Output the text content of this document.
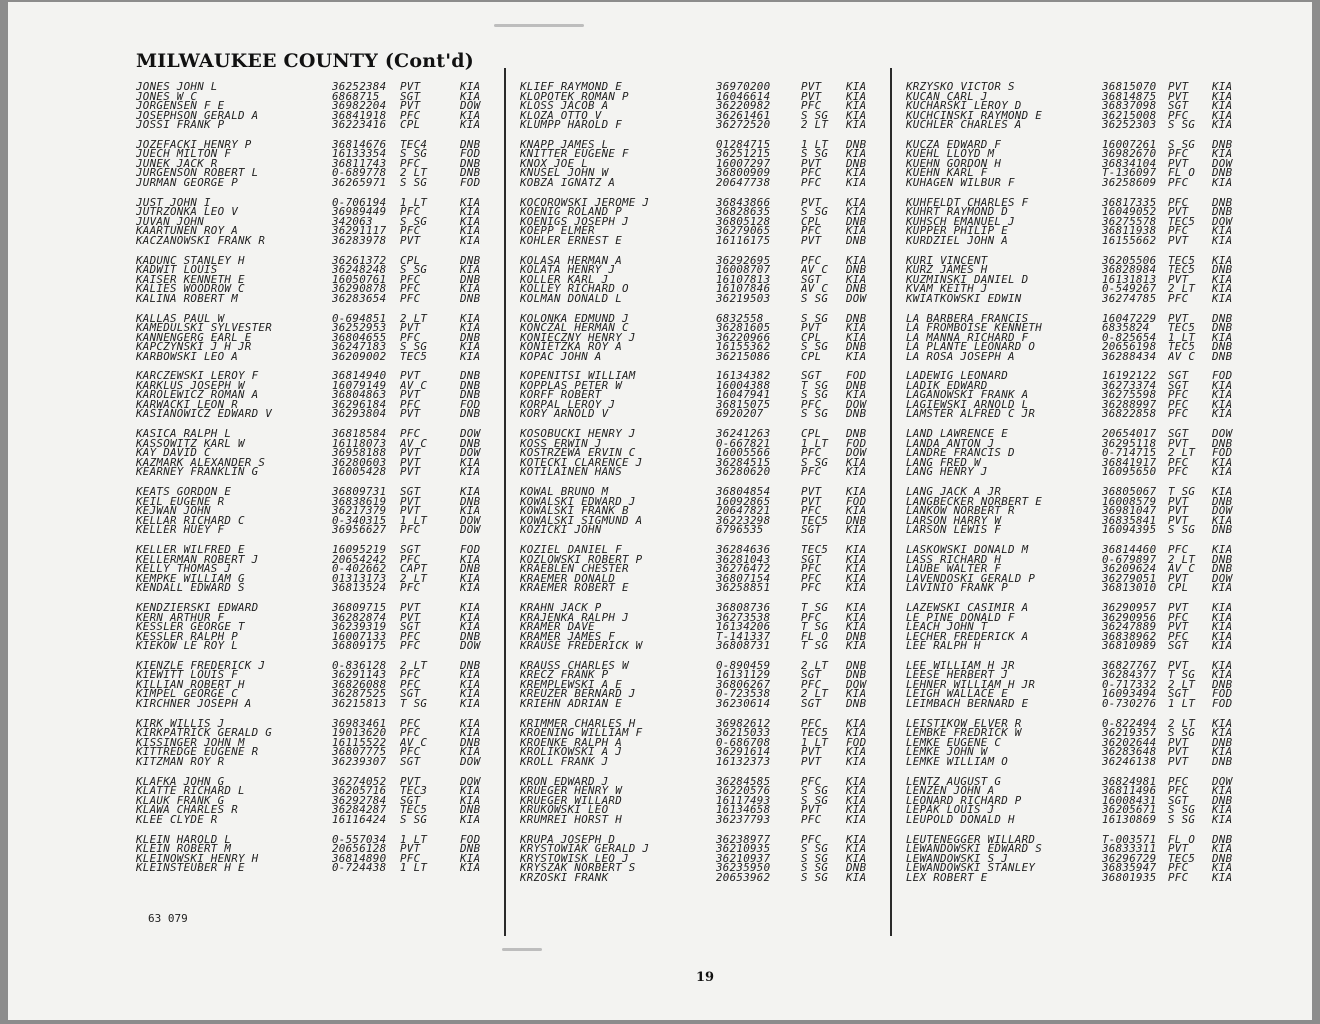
MILWAUKEE COUNTY (Cont'd)
JONES JOHN L	36252384	PVT	KIA
JONES W C	6868715	SGT	KIA
JORGENSEN F E	36982204	PVT	DOW
JOSEPHSON GERALD A	36841918	PFC	KIA
JOSSI FRANK P	36223416	CPL	KIA
JOZEFACKI HENRY P	36814676	TEC4	DNB
JUECH MILTON F	16133354	S SG	FOD
JUNEK JACK R	36811743	PFC	DNB
JURGENSON ROBERT L	0-689778	2 LT	DNB
JURMAN GEORGE P	36265971	S SG	FOD
JUST JOHN I	0-706194	1 LT	KIA
JUTRZONKA LEO V	36989449	PFC	KIA
JUVAN JOHN	342063	S SG	KIA
KAARTUNEN ROY A	36291117	PFC	KIA
KACZANOWSKI FRANK R	36283978	PVT	KIA
KADUNC STANLEY H	36261372	CPL	DNB
KADWIT LOUIS	36248248	S SG	KIA
KAISER KENNETH E	16050761	PFC	DNB
KALIES WOODROW C	36290878	PFC	KIA
KALINA ROBERT M	36283654	PFC	DNB
KALLAS PAUL W	0-694851	2 LT	KIA
KAMEDULSKI SYLVESTER	36252953	PVT	KIA
KANNENGERG EARL E	36804655	PFC	DNB
KAPCZYNSKI J H JR	36247183	S SG	KIA
KARBOWSKI LEO A	36209002	TEC5	KIA
KARCZEWSKI LEROY F	36814940	PVT	DNB
KARKLUS JOSEPH W	16079149	AV C	DNB
KAROLEWICZ ROMAN A	36804863	PVT	DNB
KARWACKI LEON R	36296184	PFC	FOD
KASIANOWICZ EDWARD V	36293804	PVT	DNB
KASICA RALPH L	36818584	PFC	DOW
KASSOWITZ KARL W	16118073	AV C	DNB
KAY DAVID C	36958188	PVT	DOW
KAZMARK ALEXANDER S	36280603	PVT	KIA
KEARNEY FRANKLIN G	16005428	PVT	KIA
KEATS GORDON E	36809731	SGT	KIA
KEIL EUGENE R	36838619	PVT	DNB
KEJWAN JOHN	36217379	PVT	KIA
KELLAR RICHARD C	0-340315	1 LT	DOW
KELLER HUEY F	36956627	PFC	DOW
KELLER WILFRED E	16095219	SGT	FOD
KELLERMAN ROBERT J	20654242	PFC	KIA
KELLY THOMAS J	0-402662	CAPT	DNB
KEMPKE WILLIAM G	01313173	2 LT	KIA
KENDALL EDWARD S	36813524	PFC	KIA
KENDZIERSKI EDWARD	36809715	PVT	KIA
KERN ARTHUR F	36282874	PVT	KIA
KESSLER GEORGE T	36239319	SGT	KIA
KESSLER RALPH P	16007133	PFC	DNB
KIEKOW LE ROY L	36809175	PFC	DOW
KIENZLE FREDERICK J	0-836128	2 LT	DNB
KIEWITT LOUIS F	36291143	PFC	KIA
KILLIAN ROBERT H	36826088	PFC	KIA
KIMPEL GEORGE C	36287525	SGT	KIA
KIRCHNER JOSEPH A	36215813	T SG	KIA
KIRK WILLIS J	36983461	PFC	KIA
KIRKPATRICK GERALD G	19013620	PFC	KIA
KISSINGER JOHN M	16115522	AV C	DNB
KITTREDGE EUGENE R	36807775	PFC	KIA
KITZMAN ROY R	36239307	SGT	DOW
KLAFKA JOHN G	36274052	PVT	DOW
KLATTE RICHARD L	36205716	TEC3	KIA
KLAUK FRANK G	36292784	SGT	KIA
KLAWA CHARLES R	36284287	TEC5	DNB
KLEE CLYDE R	16116424	S SG	KIA
KLEIN HAROLD L	0-557034	1 LT	FOD
KLEIN ROBERT M	20656128	PVT	DNB
KLEINOWSKI HENRY H	36814890	PFC	KIA
KLEINSTEUBER H E	0-724438	1 LT	KIA
KLIEF RAYMOND E	36970200	PVT	KIA
KLOPOTEK ROMAN P	16046614	PVT	KIA
KLOSS JACOB A	36220982	PFC	KIA
KLOZA OTTO V	36261461	S SG	KIA
KLUMPP HAROLD F	36272520	2 LT	KIA
KNAPP JAMES L	01284715	1 LT	DNB
KNITTER EUGENE F	36251215	S SG	KIA
KNOX JOE L	16007297	PVT	DNB
KNUSEL JOHN W	36800909	PFC	KIA
KOBZA IGNATZ A	20647738	PFC	KIA
KOCOROWSKI JEROME J	36843866	PVT	KIA
KOENIG ROLAND P	36828635	S SG	KIA
KOENIGS JOSEPH J	36805128	CPL	DNB
KOEPP ELMER	36279065	PFC	KIA
KOHLER ERNEST E	16116175	PVT	DNB
KOLASA HERMAN A	36292695	PFC	KIA
KOLATA HENRY J	16008707	AV C	DNB
KOLLER KARL J	16107813	SGT	KIA
KOLLEY RICHARD O	16107846	AV C	DNB
KOLMAN DONALD L	36219503	S SG	DOW
KOLONKA EDMUND J	6832558	S SG	DNB
KONCZAL HERMAN C	36281605	PVT	KIA
KONIECZNY HENRY J	36220966	CPL	KIA
KONIETZKA ROY A	16155362	S SG	DNB
KOPAC JOHN A	36215086	CPL	KIA
KOPENITSI WILLIAM	16134382	SGT	FOD
KOPPLAS PETER W	16004388	T SG	DNB
KORFF ROBERT	16047941	S SG	KIA
KORPAL LEROY J	36815075	PFC	DOW
KORY ARNOLD V	6920207	S SG	DNB
KOSOBUCKI HENRY J	36241263	CPL	DNB
KOSS ERWIN J	0-667821	1 LT	FOD
KOSTRZEWA ERVIN C	16005566	PFC	DOW
KOTECKI CLARENCE J	36284515	S SG	KIA
KOTILAINEN HANS	36280620	PFC	KIA
KOWAL BRUNO M	36804854	PVT	KIA
KOWALSKI EDWARD J	16092865	PVT	FOD
KOWALSKI FRANK B	20647821	PFC	KIA
KOWALSKI SIGMUND A	36223298	TEC5	DNB
KOZICKI JOHN	6796535	SGT	KIA
KOZIEL DANIEL F	36284636	TEC5	KIA
KOZLOWSKI ROBERT P	36281043	SGT	KIA
KRAEBLEN CHESTER	36276472	PFC	KIA
KRAEMER DONALD	36807154	PFC	KIA
KRAEMER ROBERT E	36258851	PFC	KIA
KRAHN JACK P	36808736	T SG	KIA
KRAJENKA RALPH J	36273538	PFC	KIA
KRAMER DAVE	16134206	T SG	KIA
KRAMER JAMES F	T-141337	FL O	DNB
KRAUSE FREDERICK W	36808731	T SG	KIA
KRAUSS CHARLES W	0-890459	2 LT	DNB
KRECZ FRANK P	16131129	SGT	DNB
KREMPLEWSKI A E	36806267	PFC	DOW
KREUZER BERNARD J	0-723538	2 LT	KIA
KRIEHN ADRIAN E	36230614	SGT	DNB
KRIMMER CHARLES H	36982612	PFC	KIA
KROENING WILLIAM F	36215033	TEC5	KIA
KROENKE RALPH A	0-686708	1 LT	FOD
KROLIKOWSKI A J	36291614	PVT	KIA
KROLL FRANK J	16132373	PVT	KIA
KRON EDWARD J	36284585	PFC	KIA
KRUEGER HENRY W	36220576	S SG	KIA
KRUEGER WILLARD	16117493	S SG	KIA
KRUKOWSKI LEO	16134658	PVT	KIA
KRUMREI HORST H	36237793	PFC	KIA
KRUPA JOSEPH D	36238977	PFC	KIA
KRYSTOWIAK GERALD J	36210935	S SG	KIA
KRYSTOWISK LEO J	36210937	S SG	KIA
KRYSZAK NORBERT S	36235950	S SG	DNB
KRZOSKI FRANK	20653962	S SG	KIA
KRZYSKO VICTOR S	36815070	PVT	KIA
KUCAN CARL J	36814875	PVT	KIA
KUCHARSKI LEROY D	36837098	SGT	KIA
KUCHCINSKI RAYMOND E	36215008	PFC	KIA
KUCHLER CHARLES A	36252303	S SG	KIA
KUCZA EDWARD F	16007261	S SG	DNB
KUEHL LLOYD M	36982670	PFC	KIA
KUEHN GORDON H	36834104	PVT	DOW
KUEHN KARL F	T-136097	FL O	DNB
KUHAGEN WILBUR F	36258609	PFC	KIA
KUHFELDT CHARLES F	36817335	PFC	DNB
KUHRT RAYMOND D	16049052	PVT	DNB
KUHSCH EMANUEL J	36275578	TEC5	DOW
KUPPER PHILIP E	36811938	PFC	KIA
KURDZIEL JOHN A	16155662	PVT	KIA
KURI VINCENT	36205506	TEC5	KIA
KURZ JAMES H	36828984	TEC5	DNB
KUZMINSKI DANIEL D	16131813	PVT	KIA
KVAM KEITH J	0-549267	2 LT	KIA
KWIATKOWSKI EDWIN	36274785	PFC	KIA
LA BARBERA FRANCIS	16047229	PVT	DNB
LA FROMBOISE KENNETH	6835824	TEC5	DNB
LA MANNA RICHARD F	0-825654	1 LT	KIA
LA PLANTE LEONARD O	20656198	TEC5	DNB
LA ROSA JOSEPH A	36288434	AV C	DNB
LADEWIG LEONARD	16192122	SGT	FOD
LADIK EDWARD	36273374	SGT	KIA
LAGANOWSKI FRANK A	36275598	PFC	KIA
LAGIEWSKI ARNOLD L	36288997	PFC	KIA
LAMSTER ALFRED C JR	36822858	PFC	KIA
LAND LAWRENCE E	20654017	SGT	DOW
LANDA ANTON J	36295118	PVT	DNB
LANDRE FRANCIS D	0-714715	2 LT	FOD
LANG FRED W	36841917	PFC	KIA
LANG HENRY J	16095650	PFC	KIA
LANG JACK A JR	36805067	T SG	KIA
LANGBECKER NORBERT E	16008579	PVT	DNB
LANKOW NORBERT R	36981047	PVT	DOW
LARSON HARRY W	36835841	PVT	KIA
LARSON LEWIS F	16094395	S SG	DNB
LASKOWSKI DONALD M	36814460	PFC	KIA
LASS RICHARD H	0-679897	2 LT	DNB
LAUBE WALTER F	36209624	AV C	DNB
LAVENDOSKI GERALD P	36279051	PVT	DOW
LAVINIO FRANK P	36813010	CPL	KIA
LAZEWSKI CASIMIR A	36290957	PVT	KIA
LE PINE DONALD F	36290956	PFC	KIA
LEACH JOHN T	36247889	PVT	KIA
LECHER FREDERICK A	36838962	PFC	KIA
LEE RALPH H	36810989	SGT	KIA
LEE WILLIAM H JR	36827767	PVT	KIA
LEESE HERBERT J	36284377	T SG	KIA
LEHNER WILLIAM H JR	0-717332	2 LT	DNB
LEIGH WALLACE E	16093494	SGT	FOD
LEIMBACH BERNARD E	0-730276	1 LT	FOD
LEISTIKOW ELVER R	0-822494	2 LT	KIA
LEMBKE FREDRICK W	36219357	S SG	KIA
LEMKE EUGENE C	36202644	PVT	DNB
LEMKE JOHN W	36283648	PVT	KIA
LEMKE WILLIAM O	36246138	PVT	DNB
LENTZ AUGUST G	36824981	PFC	DOW
LENZEN JOHN A	36811496	PFC	KIA
LEONARD RICHARD P	16008431	SGT	DNB
LEPAK LOUIS J	36205671	S SG	KIA
LEUPOLD DONALD H	16130869	S SG	KIA
LEUTENEGGER WILLARD	T-003571	FL O	DNB
LEWANDOWSKI EDWARD S	36833311	PVT	KIA
LEWANDOWSKI S J	36296729	TEC5	DNB
LEWANDOWSKI STANLEY	36835947	PFC	KIA
LEX ROBERT E	36801935	PFC	KIA
63 079
19
